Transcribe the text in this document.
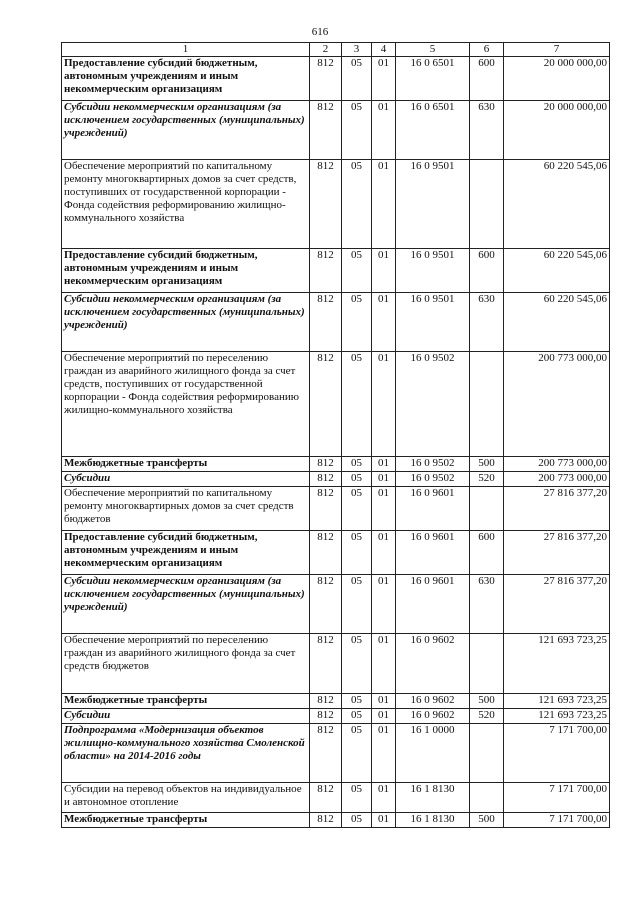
616
1	2	3	4	5	6	7
Предоставление субсидий бюджетным, автономным учреждениям и иным некоммерческим организациям	812	05	01	16 0 6501	600	20 000 000,00
Субсидии некоммерческим организациям (за исключением государственных (муниципальных) учреждений)	812	05	01	16 0 6501	630	20 000 000,00
Обеспечение мероприятий по капитальному ремонту многоквартирных домов за счет средств, поступивших от государственной корпорации - Фонда содействия реформированию жилищно-коммунального хозяйства	812	05	01	16 0 9501		60 220 545,06
Предоставление субсидий бюджетным, автономным учреждениям и иным некоммерческим организациям	812	05	01	16 0 9501	600	60 220 545,06
Субсидии некоммерческим организациям (за исключением государственных (муниципальных) учреждений)	812	05	01	16 0 9501	630	60 220 545,06
Обеспечение мероприятий по переселению граждан из аварийного жилищного фонда за счет средств, поступивших от государственной корпорации - Фонда содействия реформированию жилищно-коммунального хозяйства	812	05	01	16 0 9502		200 773 000,00
Межбюджетные трансферты	812	05	01	16 0 9502	500	200 773 000,00
Субсидии	812	05	01	16 0 9502	520	200 773 000,00
Обеспечение мероприятий по капитальному ремонту многоквартирных домов за счет средств бюджетов	812	05	01	16 0 9601		27 816 377,20
Предоставление субсидий бюджетным, автономным учреждениям и иным некоммерческим организациям	812	05	01	16 0 9601	600	27 816 377,20
Субсидии некоммерческим организациям (за исключением государственных (муниципальных) учреждений)	812	05	01	16 0 9601	630	27 816 377,20
Обеспечение мероприятий по переселению граждан из аварийного жилищного фонда за счет средств бюджетов	812	05	01	16 0 9602		121 693 723,25
Межбюджетные трансферты	812	05	01	16 0 9602	500	121 693 723,25
Субсидии	812	05	01	16 0 9602	520	121 693 723,25
Подпрограмма «Модернизация объектов жилищно-коммунального хозяйства Смоленской области» на 2014-2016 годы	812	05	01	16 1 0000		7 171 700,00
Субсидии на перевод объектов на индивидуальное и автономное отопление	812	05	01	16 1 8130		7 171 700,00
Межбюджетные трансферты	812	05	01	16 1 8130	500	7 171 700,00
